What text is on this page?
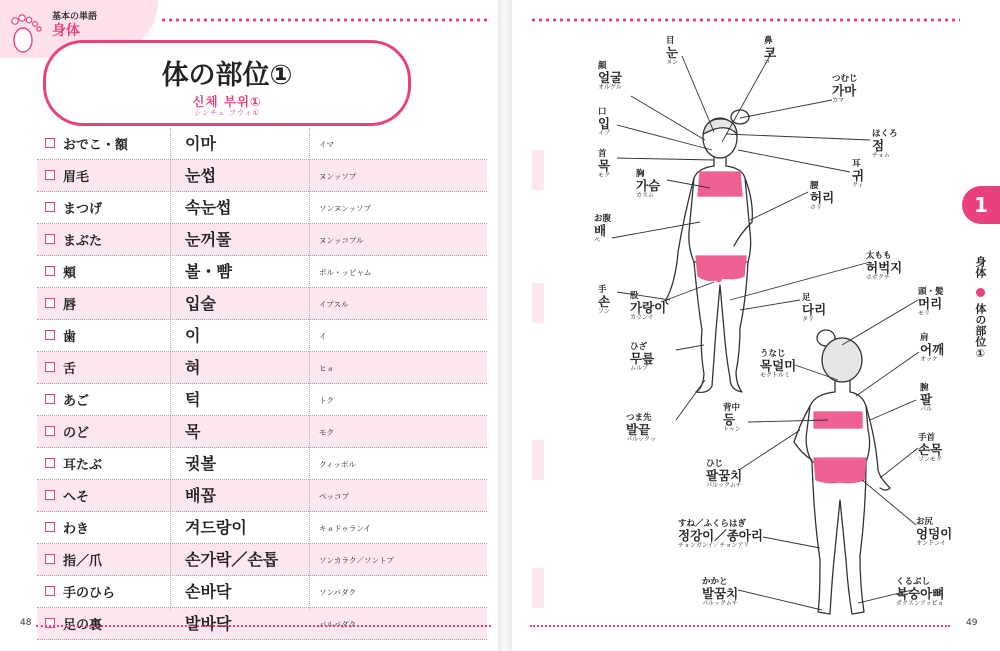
基本の単語
身体
体の部位①
신체 부위①
シンチェ プウィ①
おでこ・額	이마	イマ
眉毛	눈썹	ヌンッソプ
まつげ	속눈썹	ソンヌンッソプ
まぶた	눈꺼풀	ヌンッコプル
頬	볼・뺨	ポル・ッピャム
唇	입술	イプスル
歯	이	イ
舌	혀	ヒョ
あご	턱	トク
のど	목	モク
耳たぶ	귓볼	クィッポル
へそ	배꼽	ペッコプ
わき	겨드랑이	キョドゥランイ
指／爪	손가락／손톱	ソンカラク／ソントプ
手のひら	손바닥	ソンパダク
足の裏	발바닥	パルパダク
48	49
1
身体
体の部位①
目
눈
ヌン
鼻
코
コ
顔
얼굴
オルグル
つむじ
가마
カマ
口
입
イプ	ほくろ
점
チョム
首
목
モク
耳
귀
クィ
胸
가슴
カスム
腰
허리
ホリ
お腹
배
ペ
太もも
허벅지
ホボクチ
手
손
ソン
足
다리
タリ
股
가랑이
カランイ
頭・髪
머리
モリ
ひざ
무릎
ムルプ
肩
어깨
オッケ
うなじ
목덜미
モクトルミ
腕
팔
パル
背中
등
トゥン
つま先
발끝
パルックッ	手首
손목
ソンモク
ひじ
팔꿈치
パルックムチ
お尻
엉덩이
オンドンイ
すね／ふくらはぎ
정강이／종아리
チョンガンイ／チョンアリ
かかと
발꿈치
パルックムチ
くるぶし
복숭아뼈
ポクスンアッピョ
